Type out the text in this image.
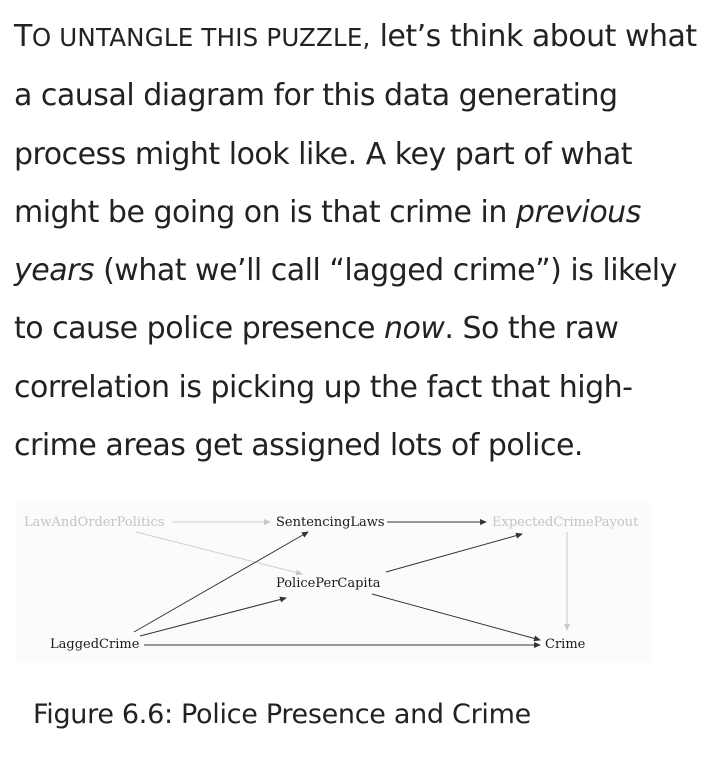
TO UNTANGLE THIS PUZZLE, let’s think about what a causal diagram for this data generating process might look like. A key part of what might be going on is that crime in previous years (what we’ll call “lagged crime”) is likely to cause police presence now. So the raw correlation is picking up the fact that high-crime areas get assigned lots of police.

LawAndOrderPolitics	SentencingLaws	ExpectedCrimePayout
PolicePerCapita
LaggedCrime	Crime
Figure 6.6: Police Presence and Crime
